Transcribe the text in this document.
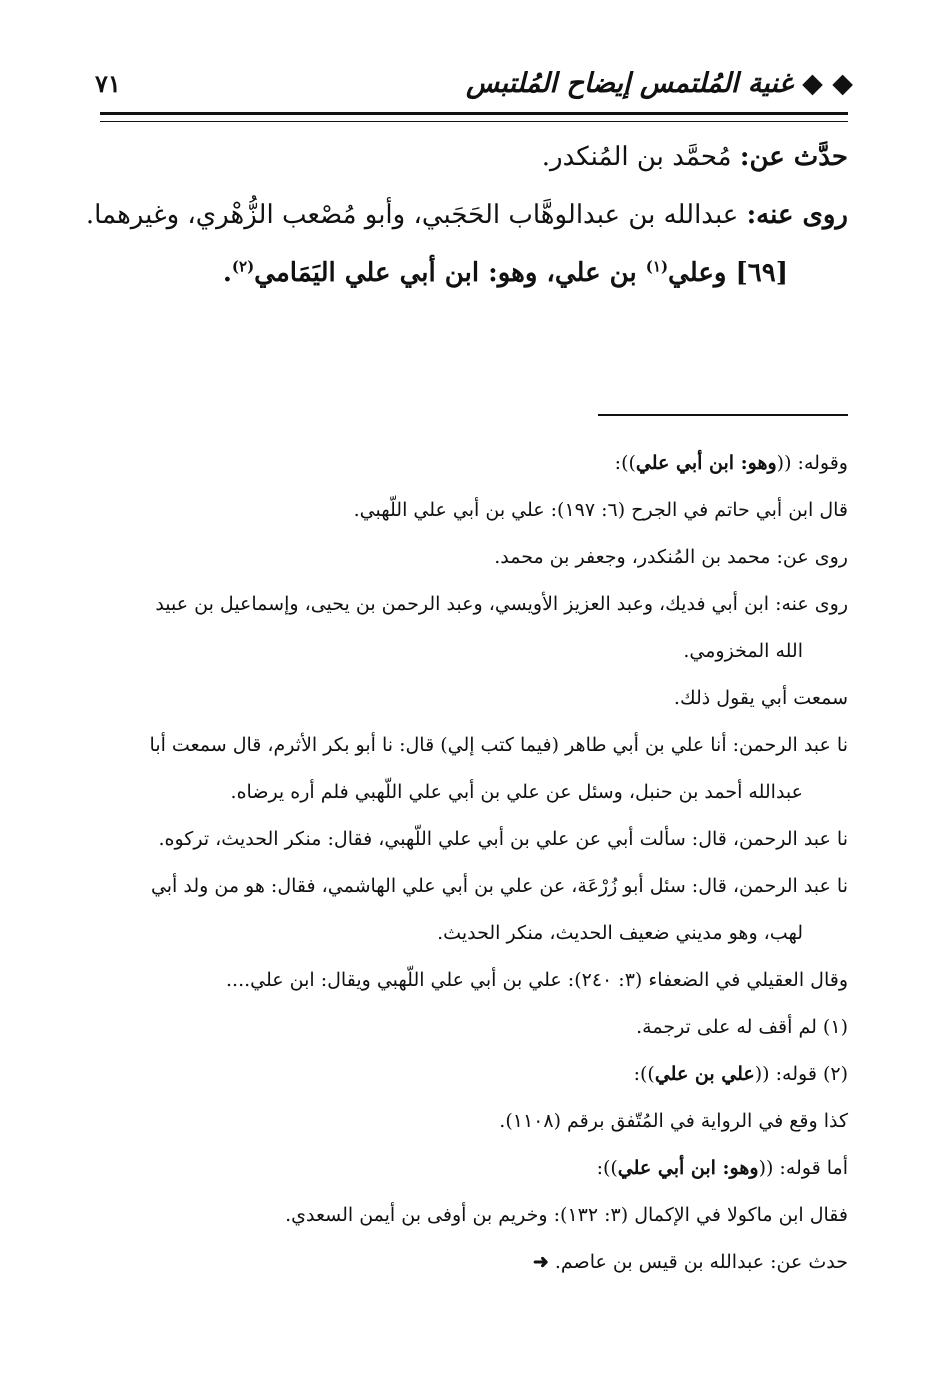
◆ ◆ غنية المُلتمس إيضاح المُلتبس
٧١

حدَّث عن: مُحمَّد بن المُنكدر.

روى عنه: عبدالله بن عبدالوهَّاب الحَجَبي، وأبو مُصْعب الزُّهْري، وغيرهما.

[٦٩] وعلي$^{(١)}$ بن علي، وهو: ابن أبي علي اليَمَامي$^{(٢)}$.

وقوله: ((وهو: ابن أبي علي)):

قال ابن أبي حاتم في الجرح (٦: ١٩٧): علي بن أبي علي اللّهبي.

روى عن: محمد بن المُنكدر، وجعفر بن محمد.

روى عنه: ابن أبي فديك، وعبد العزيز الأويسي، وعبد الرحمن بن يحيى، وإسماعيل بن عبيد

الله المخزومي.

سمعت أبي يقول ذلك.

نا عبد الرحمن: أنا علي بن أبي طاهر (فيما كتب إلي) قال: نا أبو بكر الأثرم، قال سمعت أبا

عبدالله أحمد بن حنبل، وسئل عن علي بن أبي علي اللّهبي فلم أره يرضاه.

نا عبد الرحمن، قال: سألت أبي عن علي بن أبي علي اللّهبي، فقال: منكر الحديث، تركوه.

نا عبد الرحمن، قال: سئل أبو زُرْعَة، عن علي بن أبي علي الهاشمي، فقال: هو من ولد أبي

لهب، وهو مديني ضعيف الحديث، منكر الحديث.

وقال العقيلي في الضعفاء (٣: ٢٤٠): علي بن أبي علي اللّهبي ويقال: ابن علي....

(١) لم أقف له على ترجمة.

(٢) قوله: ((علي بن علي)):

كذا وقع في الرواية في المُتّفق برقم (١١٠٨).

أما قوله: ((وهو: ابن أبي علي)):

فقال ابن ماكولا في الإكمال (٣: ١٣٢): وخريم بن أوفى بن أيمن السعدي.

حدث عن: عبدالله بن قيس بن عاصم. ➜
